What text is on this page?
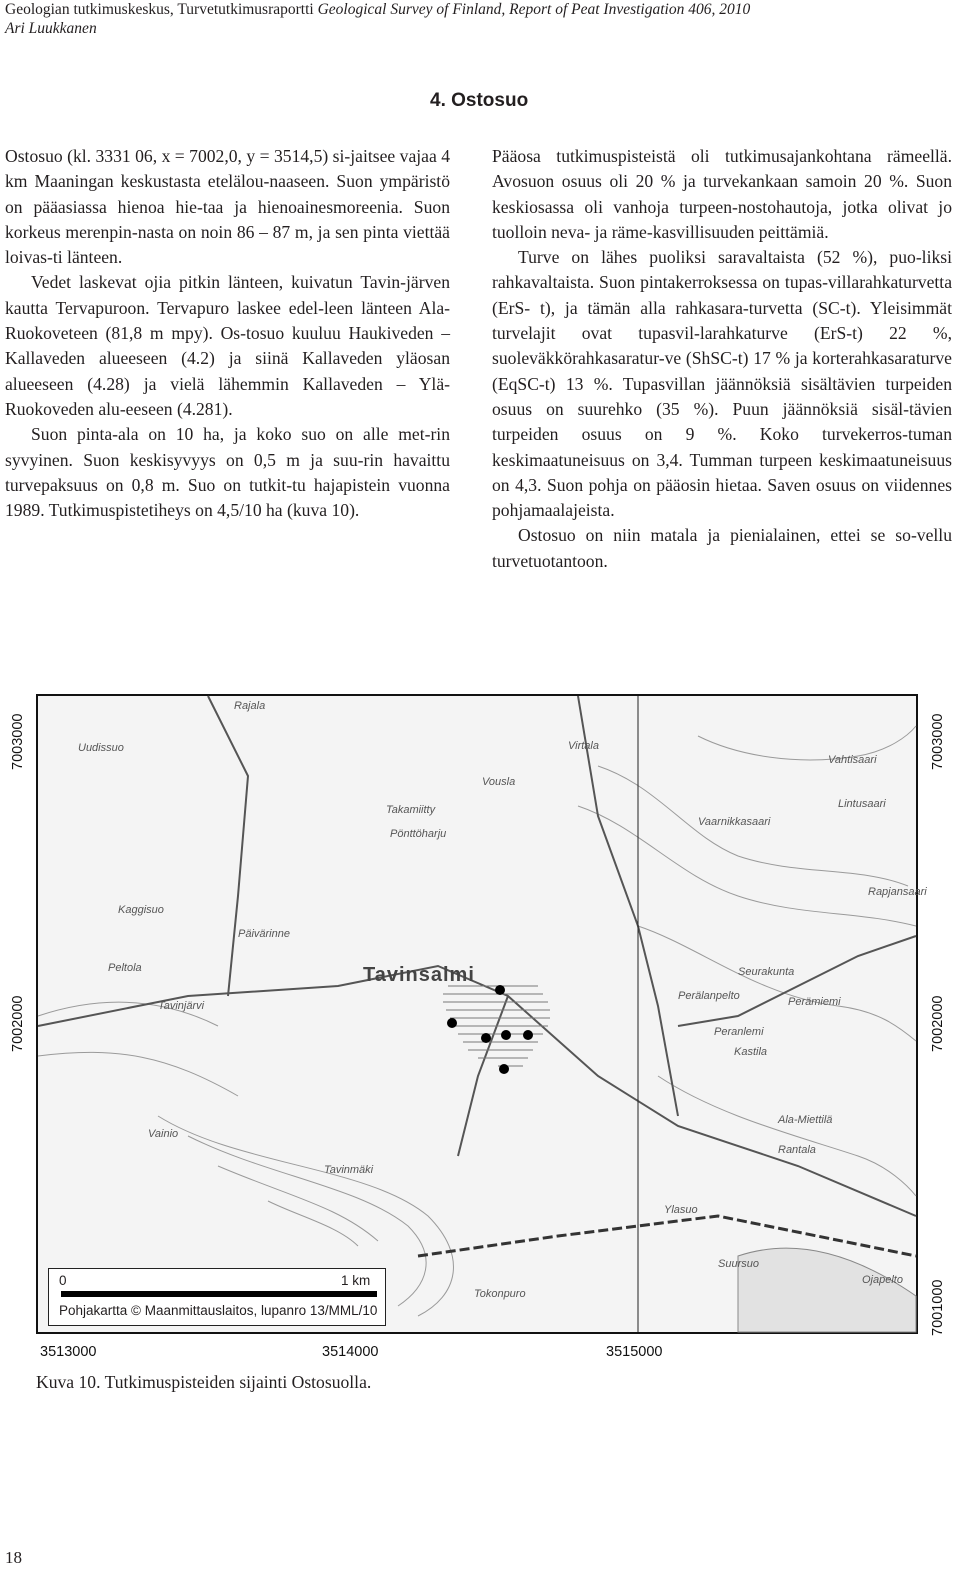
Geologian tutkimuskeskus, Turvetutkimusraportti Geological Survey of Finland, Report of Peat Investigation 406, 2010
Ari Luukkanen
4. Ostosuo

Ostosuo (kl. 3331 06, x = 7002,0, y = 3514,5) si-jaitsee vajaa 4 km Maaningan keskustasta etelälou-naaseen. Suon ympäristö on pääasiassa hienoa hie-taa ja hienoainesmoreenia. Suon korkeus merenpin-nasta on noin 86 – 87 m, ja sen pinta viettää loivas-ti länteen.

Vedet laskevat ojia pitkin länteen, kuivatun Tavin-järven kautta Tervapuroon. Tervapuro laskee edel-leen länteen Ala-Ruokoveteen (81,8 m mpy). Os-tosuo kuuluu Haukiveden – Kallaveden alueeseen (4.2) ja siinä Kallaveden yläosan alueeseen (4.28) ja vielä lähemmin Kallaveden – Ylä-Ruokoveden alu-eeseen (4.281).

Suon pinta-ala on 10 ha, ja koko suo on alle met-rin syvyinen. Suon keskisyvyys on 0,5 m ja suu-rin havaittu turvepaksuus on 0,8 m. Suo on tutkit-tu hajapistein vuonna 1989. Tutkimuspistetiheys on 4,5/10 ha (kuva 10).

Pääosa tutkimuspisteistä oli tutkimusajankohtana rämeellä. Avosuon osuus oli 20 % ja turvekankaan samoin 20 %. Suon keskiosassa oli vanhoja turpeen-nostohautoja, jotka olivat jo tuolloin neva- ja räme-kasvillisuuden peittämiä.

Turve on lähes puoliksi saravaltaista (52 %), puo-liksi rahkavaltaista. Suon pintakerroksessa on tupas-villarahkaturvetta (ErS- t), ja tämän alla rahkasara-turvetta (SC-t). Yleisimmät turvelajit ovat tupasvil-larahkaturve (ErS-t) 22 %, suoleväkkörahkasaratur-ve (ShSC-t) 17 % ja korterahkasaraturve (EqSC-t) 13 %. Tupasvillan jäännöksiä sisältävien turpeiden osuus on suurehko (35 %). Puun jäännöksiä sisäl-tävien turpeiden osuus on 9 %. Koko turvekerros-tuman keskimaatuneisuus on 3,4. Tumman turpeen keskimaatuneisuus on 4,3. Suon pohja on pääosin hietaa. Saven osuus on viidennes pohjamaalajeista.

Ostosuo on niin matala ja pienialainen, ettei se so-vellu turvetuotantoon.

3513000	3514000	3515000
7003000
7002000
7003000
7002000
7001000
Rajala
Uudissuo	Virtala
Vahtisaari
Lintusaari
Vaarnikkasaari
Rapjansaari
Vousla
Takamiitty
Pönttöharju
Kaggisuo
Päivärinne
Peltola
Tavinjärvi
Tavinsalmi	Seurakunta
Perälanpelto	Perämiemi
Peranlemi
Kastila
Ala-Miettilä
Vainio
Rantala
Tavinmäki
Ylasuo
Suursuo
Ojapelto
Tokonpuro
0	1 km
Pohjakartta © Maanmittauslaitos, lupanro 13/MML/10
Kuva 10. Tutkimuspisteiden sijainti Ostosuolla.
18
